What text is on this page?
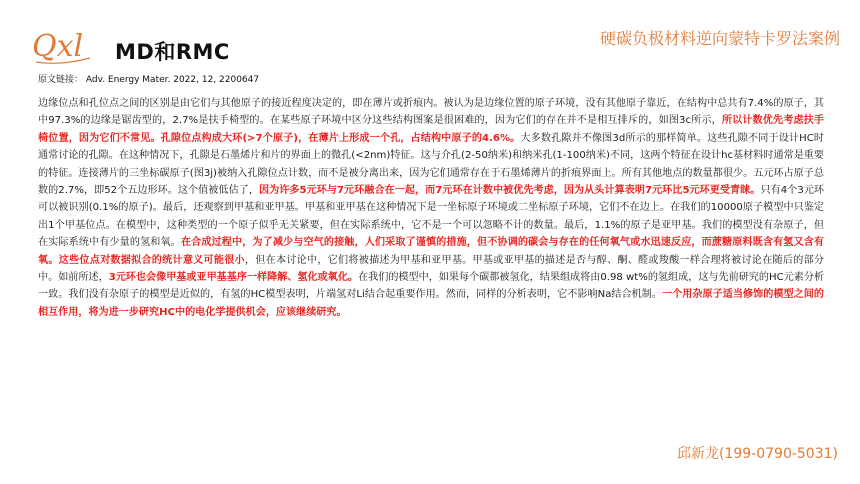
Qxl MD和RMC
硬碳负极材料逆向蒙特卡罗法案例
原文链接： Adv. Energy Mater. 2022, 12, 2200647
边缘位点和孔位点之间的区别是由它们与其他原子的接近程度决定的，即在薄片或折痕内。被认为是边缘位置的原子环境，没有其他原子靠近，在结构中总共有7.4%的原子，其中97.3%的边缘是锯齿型的，2.7%是扶手椅型的。在某些原子环境中区分这些结构图案是很困难的，因为它们的存在并不是相互排斥的，如图3c所示，所以计数优先考虑扶手椅位置，因为它们不常见。孔隙位点构成大环(>7个原子)，在薄片上形成一个孔，占结构中原子的4.6%。大多数孔隙并不像图3d所示的那样简单。这些孔隙不同于设计HC时通常讨论的孔隙。在这种情况下，孔隙是石墨烯片和片的界面上的微孔(<2nm)特征。这与介孔(2-50纳米)和纳米孔(1-100纳米)不同，这两个特征在设计hc基材料时通常是重要的特征。连接薄片的三坐标碳原子(图3j)被纳入孔隙位点计数，而不是被分离出来，因为它们通常存在于石墨烯薄片的折痕界面上。所有其他地点的数量都很少。五元环占原子总数的2.7%，即52个五边形环。这个值被低估了，因为许多5元环与7元环融合在一起，而7元环在计数中被优先考虑，因为从头计算表明7元环比5元环更受青睐。只有4个3元环可以被识别(0.1%的原子)。最后，还观察到甲基和亚甲基。甲基和亚甲基在这种情况下是一坐标原子环境或二坐标原子环境，它们不在边上。在我们的10000原子模型中只鉴定出1个甲基位点。在模型中，这种类型的一个原子似乎无关紧要，但在实际系统中，它不是一个可以忽略不计的数量。最后，1.1%的原子是亚甲基。我们的模型没有杂原子，但在实际系统中有少量的氢和氧。在合成过程中，为了减少与空气的接触，人们采取了谨慎的措施，但不协调的碳会与存在的任何氧气或水迅速反应，而蔗糖原料既含有氢又含有氧。这些位点对数据拟合的统计意义可能很小，但在本讨论中，它们将被描述为甲基和亚甲基。甲基或亚甲基的描述是否与醇、酮、醛或羧酸一样合理将被讨论在随后的部分中。如前所述，3元环也会像甲基或亚甲基基序一样降解、氢化或氧化。在我们的模型中，如果每个碳都被氢化，结果组成将由0.98 wt%的氢组成，这与先前研究的HC元素分析一致。我们没有杂原子的模型是近似的，有氢的HC模型表明，片端氢对Li结合起重要作用。然而，同样的分析表明，它不影响Na结合机制。一个用杂原子适当修饰的模型之间的相互作用，将为进一步研究HC中的电化学提供机会，应该继续研究。
邱新龙(199-0790-5031)
